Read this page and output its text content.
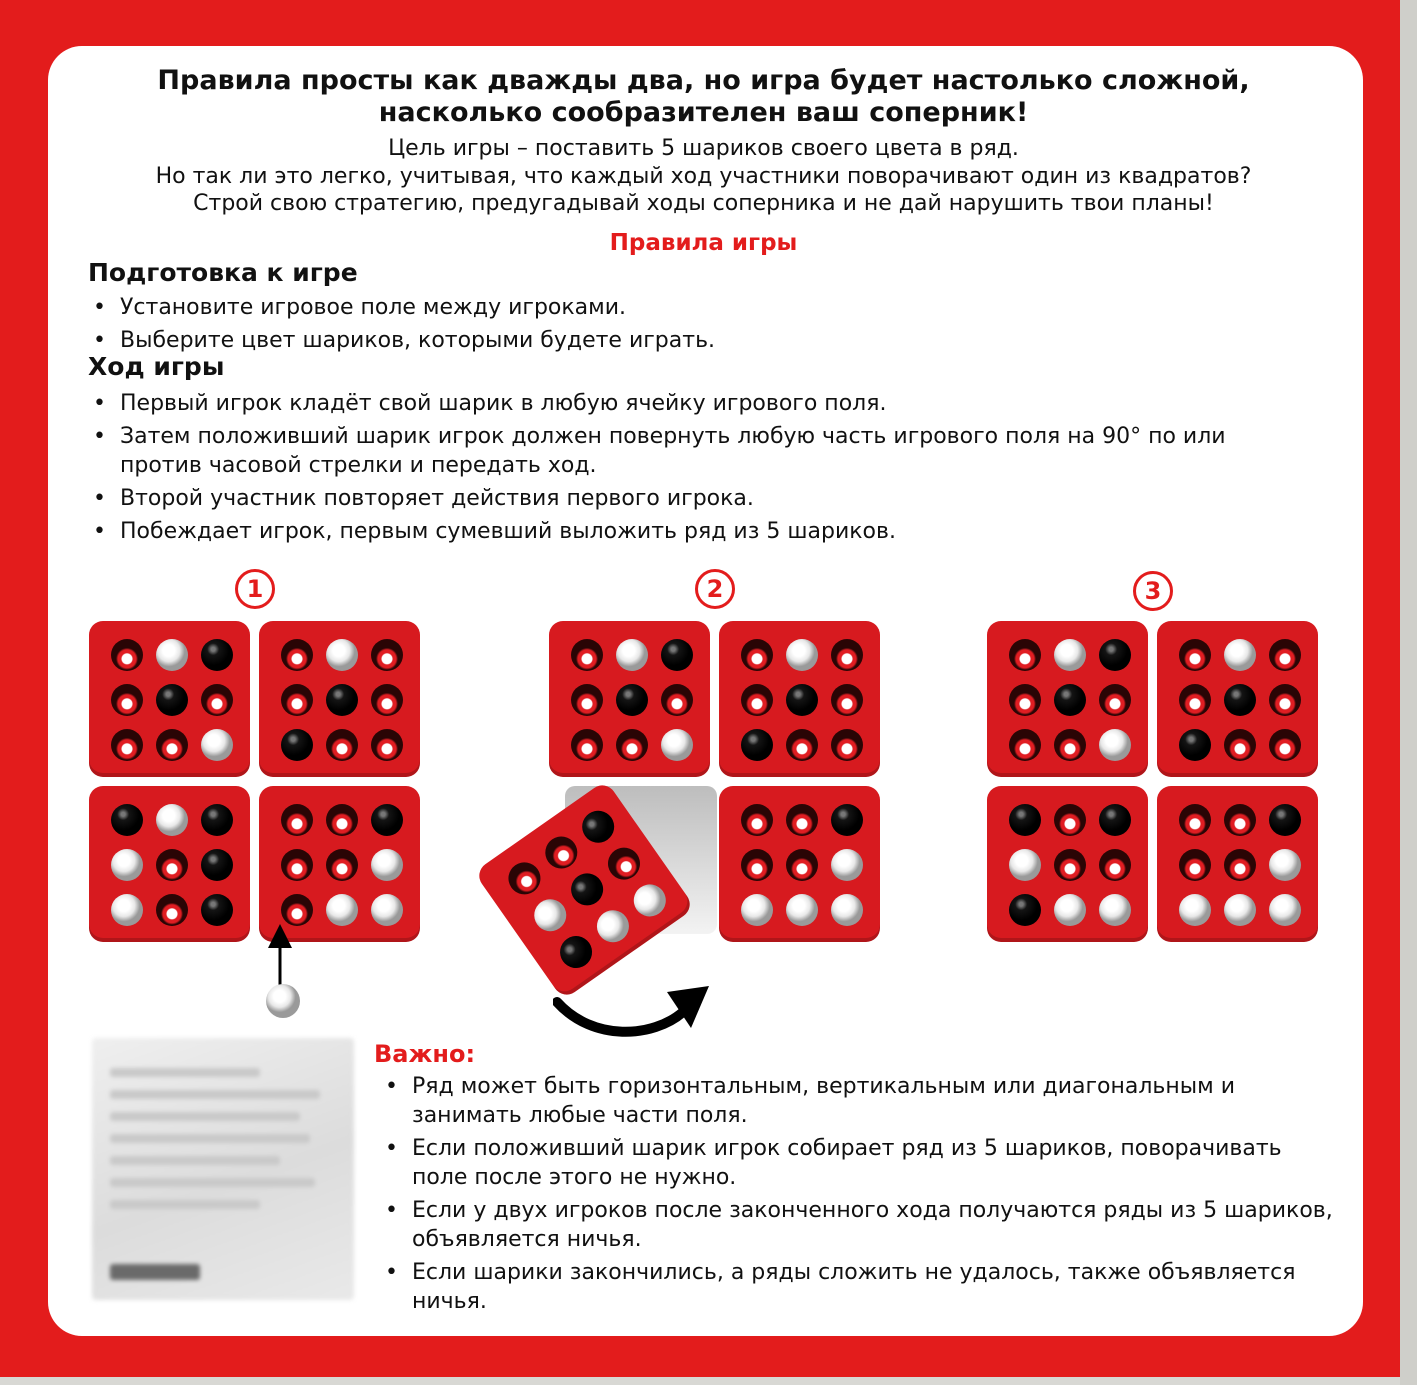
Правила просты как дважды два, но игра будет настолько сложной,
насколько сообразителен ваш соперник!
Цель игры – поставить 5 шариков своего цвета в ряд.
Но так ли это легко, учитывая, что каждый ход участники поворачивают один из квадратов?
Строй свою стратегию, предугадывай ходы соперника и не дай нарушить твои планы!
Правила игры
Подготовка к игре
• Установите игровое поле между игроками.
• Выберите цвет шариков, которыми будете играть.
Ход игры
• Первый игрок кладёт свой шарик в любую ячейку игрового поля.
• Затем положивший шарик игрок должен повернуть любую часть игрового поля на 90° по или против часовой стрелки и передать ход.
• Второй участник повторяет действия первого игрока.
• Побеждает игрок, первым сумевший выложить ряд из 5 шариков.
1	2	3
Важно:
• Ряд может быть горизонтальным, вертикальным или диагональным и занимать любые части поля.
• Если положивший шарик игрок собирает ряд из 5 шариков, поворачивать поле после этого не нужно.
• Если у двух игроков после законченного хода получаются ряды из 5 шариков, объявляется ничья.
• Если шарики закончились, а ряды сложить не удалось, также объявляется ничья.
